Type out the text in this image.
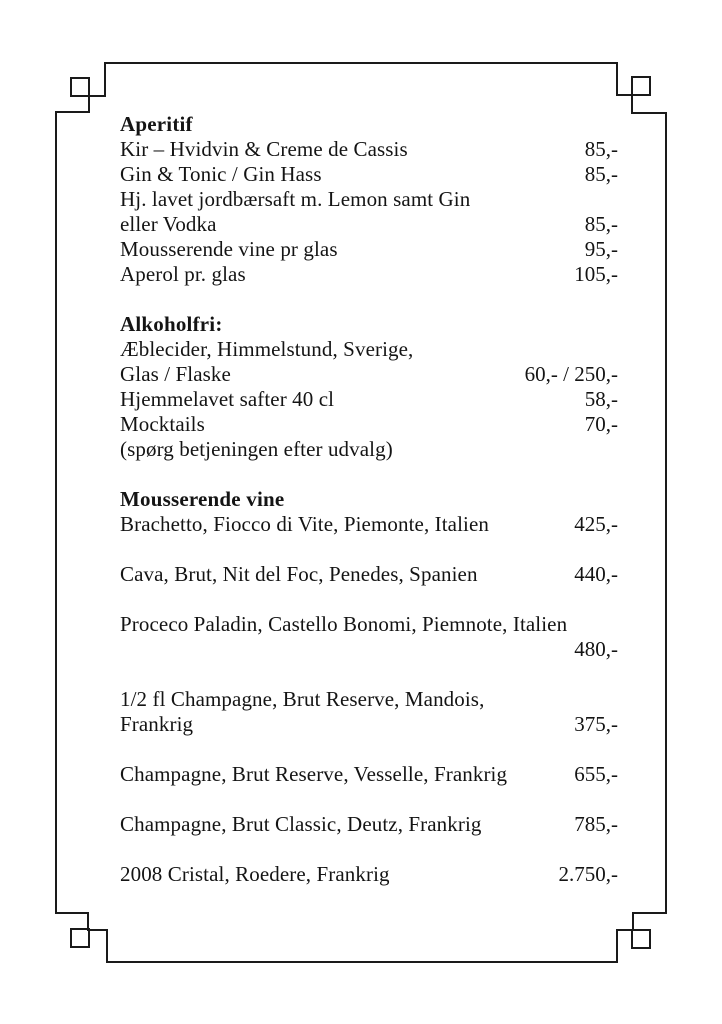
Aperitif
Kir – Hvidvin & Creme de Cassis	85,-
Gin & Tonic / Gin Hass	85,-
Hj. lavet jordbærsaft m. Lemon samt Gin
eller Vodka	85,-
Mousserende vine pr glas	95,-
Aperol pr. glas	105,-
Alkoholfri:
Æblecider, Himmelstund, Sverige,
Glas / Flaske	60,- / 250,-
Hjemmelavet safter 40 cl	58,-
Mocktails	70,-
(spørg betjeningen efter udvalg)
Mousserende vine
Brachetto, Fiocco di Vite, Piemonte, Italien	425,-
Cava, Brut, Nit del Foc, Penedes, Spanien	440,-
Proceco Paladin, Castello Bonomi, Piemnote, Italien
480,-
1/2 fl Champagne, Brut Reserve, Mandois,
Frankrig	375,-
Champagne, Brut Reserve, Vesselle, Frankrig	655,-
Champagne, Brut Classic, Deutz, Frankrig	785,-
2008 Cristal, Roedere, Frankrig	2.750,-
